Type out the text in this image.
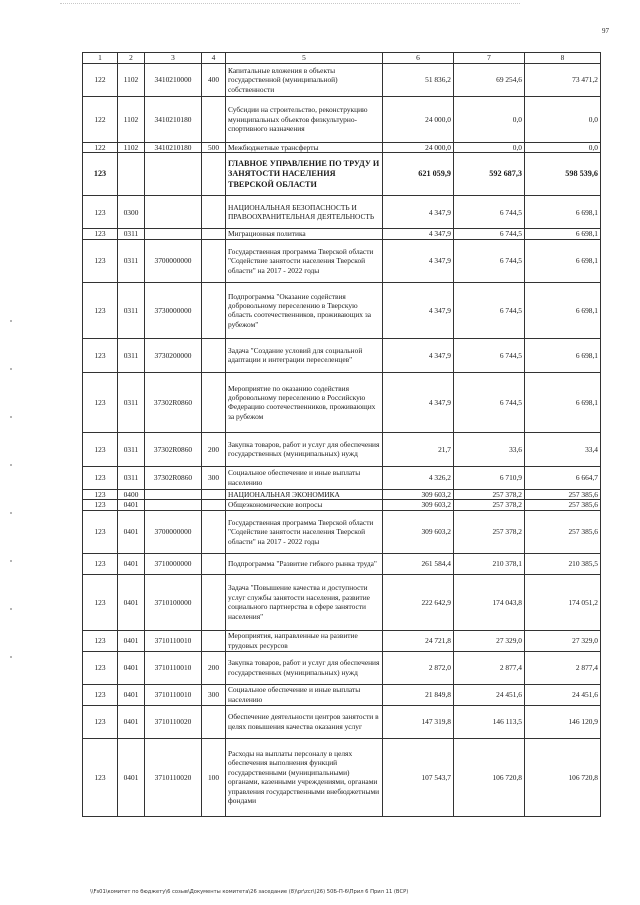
97
1	2	3	4	5	6	7	8
122	1102	3410210000	400	Капитальные вложения в объекты государственной (муниципальной) собственности	51 836,2	69 254,6	73 471,2
122	1102	3410210180		Субсидии на строительство, реконструкцию муниципальных объектов физкультурно-спортивного назначения	24 000,0	0,0	0,0
122	1102	3410210180	500	Межбюджетные трансферты	24 000,0	0,0	0,0
123				ГЛАВНОЕ УПРАВЛЕНИЕ ПО ТРУДУ И ЗАНЯТОСТИ НАСЕЛЕНИЯ ТВЕРСКОЙ ОБЛАСТИ	621 059,9	592 687,3	598 539,6
123	0300			НАЦИОНАЛЬНАЯ БЕЗОПАСНОСТЬ И ПРАВООХРАНИТЕЛЬНАЯ ДЕЯТЕЛЬНОСТЬ	4 347,9	6 744,5	6 698,1
123	0311			Миграционная политика	4 347,9	6 744,5	6 698,1
123	0311	3700000000		Государственная программа Тверской области "Содействие занятости населения Тверской области" на 2017 - 2022 годы	4 347,9	6 744,5	6 698,1
123	0311	3730000000		Подпрограмма "Оказание содействия добровольному переселению в Тверскую область соотечественников, проживающих за рубежом"	4 347,9	6 744,5	6 698,1
123	0311	3730200000		Задача "Создание условий для социальной адаптации и интеграции переселенцев"	4 347,9	6 744,5	6 698,1
123	0311	37302R0860		Мероприятие по оказанию содействия добровольному переселению в Российскую Федерацию соотечественников, проживающих за рубежом	4 347,9	6 744,5	6 698,1
123	0311	37302R0860	200	Закупка товаров, работ и услуг для обеспечения государственных (муниципальных) нужд	21,7	33,6	33,4
123	0311	37302R0860	300	Социальное обеспечение и иные выплаты населению	4 326,2	6 710,9	6 664,7
123	0400			НАЦИОНАЛЬНАЯ ЭКОНОМИКА	309 603,2	257 378,2	257 385,6
123	0401			Общеэкономические вопросы	309 603,2	257 378,2	257 385,6
123	0401	3700000000		Государственная программа Тверской области "Содействие занятости населения Тверской области" на 2017 - 2022 годы	309 603,2	257 378,2	257 385,6
123	0401	3710000000		Подпрограмма "Развитие гибкого рынка труда"	261 584,4	210 378,1	210 385,5
123	0401	3710100000		Задача "Повышение качества и доступности услуг службы занятости населения, развитие социального партнерства в сфере занятости населения"	222 642,9	174 043,8	174 051,2
123	0401	3710110010		Мероприятия, направленные на развитие трудовых ресурсов	24 721,8	27 329,0	27 329,0
123	0401	3710110010	200	Закупка товаров, работ и услуг для обеспечения государственных (муниципальных) нужд	2 872,0	2 877,4	2 877,4
123	0401	3710110010	300	Социальное обеспечение и иные выплаты населению	21 849,8	24 451,6	24 451,6
123	0401	3710110020		Обеспечение деятельности центров занятости в целях повышения качества оказания услуг	147 319,8	146 113,5	146 120,9
123	0401	3710110020	100	Расходы на выплаты персоналу в целях обеспечения выполнения функций государственными (муниципальными) органами, казенными учреждениями, органами управления государственными внебюджетными фондами	107 543,7	106 720,8	106 720,8
\\Fs01\комитет по бюджету\6 созыв\Документы комитета\26 заседание (8)\pr\zcr\(26) 50Б-П-6\Прил 6 Прил 11 (ВСР)
